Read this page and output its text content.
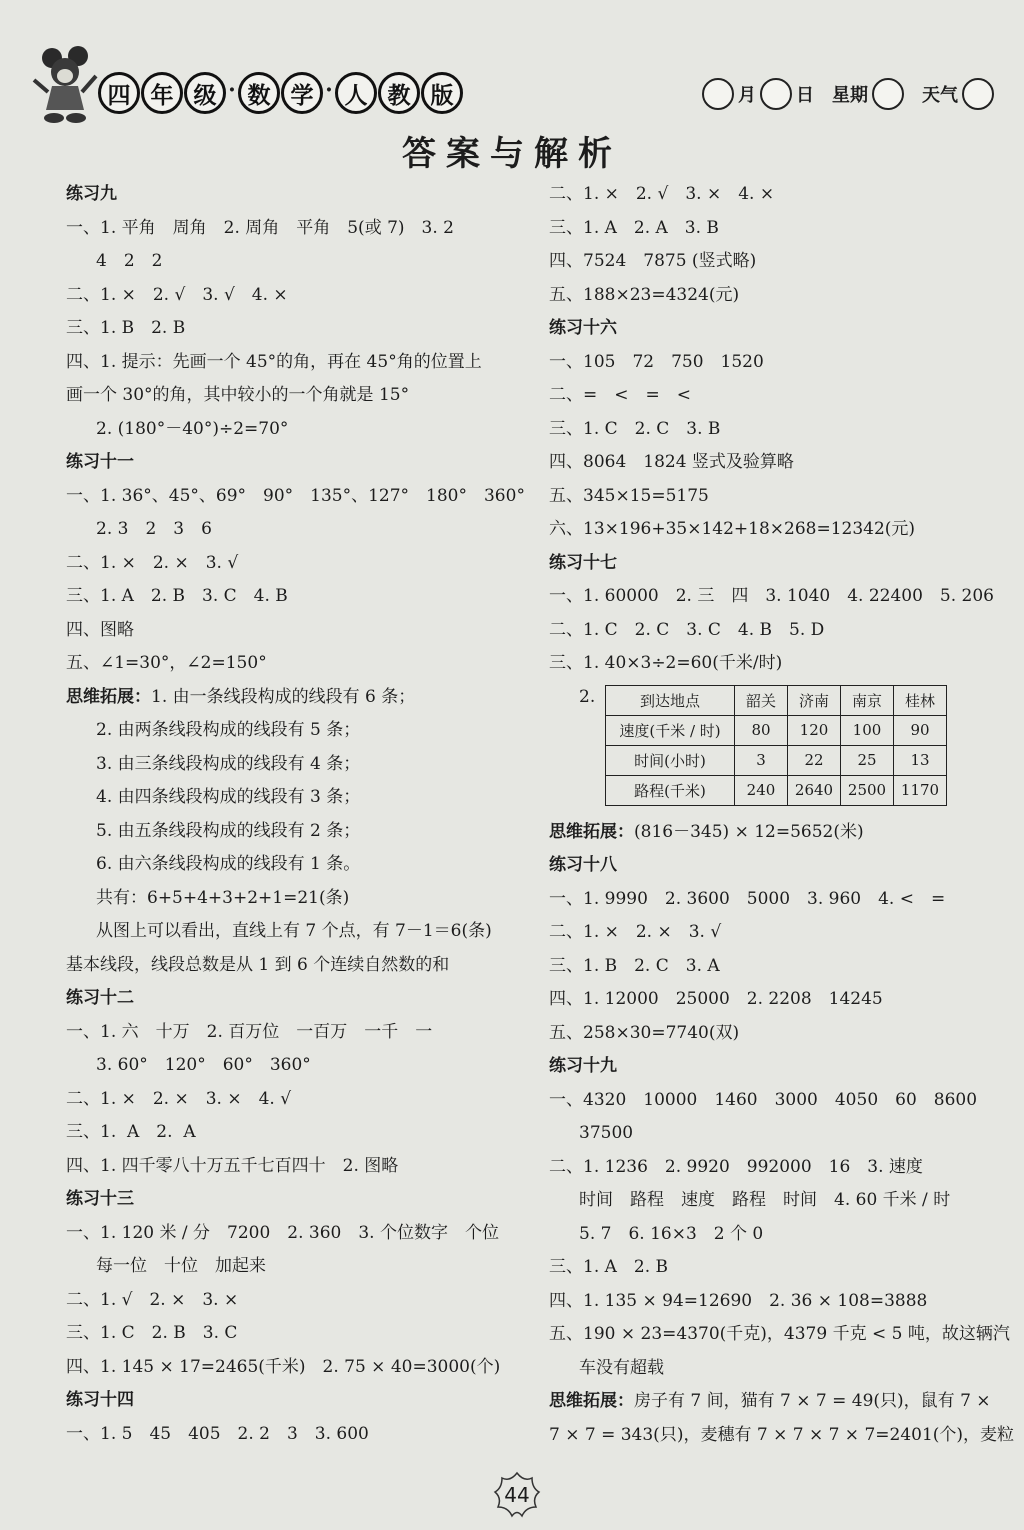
四 年 级 · 数 学 · 人 教 版	月 日 星期	天气
答案与解析
练习九
一、1. 平角　周角　2. 周角　平角　5(或 7)　3. 2
4　2　2
二、1. ×　2. √　3. √　4. ×
三、1. B　2. B
四、1. 提示：先画一个 45°的角，再在 45°角的位置上
画一个 30°的角，其中较小的一个角就是 15°
2. (180°－40°)÷2=70°
练习十一
一、1. 36°、45°、69°　90°　135°、127°　180°　360°
2. 3　2　3　6
二、1. ×　2. ×　3. √
三、1. A　2. B　3. C　4. B
四、图略
五、∠1=30°，∠2=150°
思维拓展：1. 由一条线段构成的线段有 6 条；
2. 由两条线段构成的线段有 5 条；
3. 由三条线段构成的线段有 4 条；
4. 由四条线段构成的线段有 3 条；
5. 由五条线段构成的线段有 2 条；
6. 由六条线段构成的线段有 1 条。
共有：6+5+4+3+2+1=21(条)
从图上可以看出，直线上有 7 个点，有 7－1＝6(条)
基本线段，线段总数是从 1 到 6 个连续自然数的和
练习十二
一、1. 六　十万　2. 百万位　一百万　一千　一
3. 60°　120°　60°　360°
二、1. ×　2. ×　3. ×　4. √
三、1.  A　2.  A
四、1. 四千零八十万五千七百四十　2. 图略
练习十三
一、1. 120 米 / 分　7200　2. 360　3. 个位数字　个位
每一位　十位　加起来
二、1. √　2. ×　3. ×
三、1. C　2. B　3. C
四、1. 145 × 17=2465(千米)　2. 75 × 40=3000(个)
练习十四
一、1. 5　45　405　2. 2　3　3. 600
二、1. ×　2. √　3. ×　4. ×
三、1. A　2. A　3. B
四、7524　7875 (竖式略)
五、188×23=4324(元)
练习十六
一、105　72　750　1520
二、=　<　=　<
三、1. C　2. C　3. B
四、8064　1824 竖式及验算略
五、345×15=5175
六、13×196+35×142+18×268=12342(元)
练习十七
一、1. 60000　2. 三　四　3. 1040　4. 22400　5. 206
二、1. C　2. C　3. C　4. B　5. D
三、1. 40×3÷2=60(千米/时)
2.	到达地点	韶关	济南	南京	桂林
速度(千米 / 时)	80	120	100	90
时间(小时)	3	22	25	13
路程(千米)	240	2640	2500	1170
思维拓展：(816－345) × 12=5652(米)
练习十八
一、1. 9990　2. 3600　5000　3. 960　4. <　=
二、1. ×　2. ×　3. √
三、1. B　2. C　3. A
四、1. 12000　25000　2. 2208　14245
五、258×30=7740(双)
练习十九
一、4320　10000　1460　3000　4050　60　8600
37500
二、1. 1236　2. 9920　992000　16　3. 速度
时间　路程　速度　路程　时间　4. 60 千米 / 时
5. 7　6. 16×3　2 个 0
三、1. A　2. B
四、1. 135 × 94=12690　2. 36 × 108=3888
五、190 × 23=4370(千克)，4379 千克 < 5 吨，故这辆汽
车没有超载
思维拓展：房子有 7 间，猫有 7 × 7 = 49(只)，鼠有 7 ×
7 × 7 = 343(只)，麦穗有 7 × 7 × 7 × 7=2401(个)，麦粒
44
